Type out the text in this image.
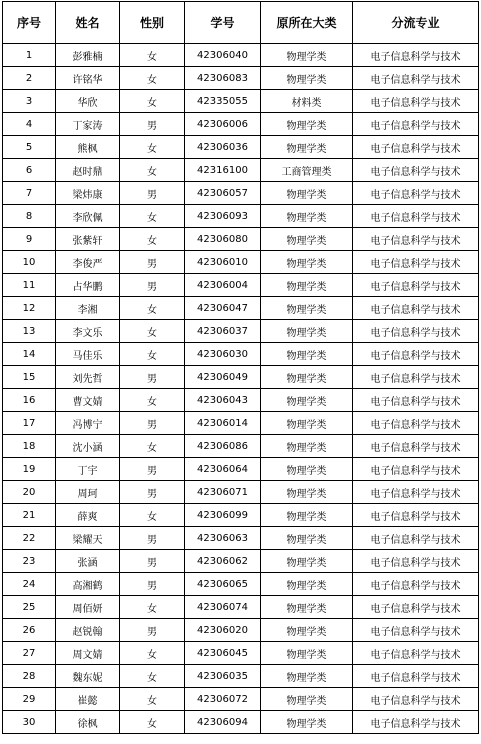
序号	姓名	性别	学号	原所在大类	分流专业
1	彭雅楠	女	42306040	物理学类	电子信息科学与技术
2	许铭华	女	42306083	物理学类	电子信息科学与技术
3	华欣	女	42335055	材料类	电子信息科学与技术
4	丁家涛	男	42306006	物理学类	电子信息科学与技术
5	熊枫	女	42306036	物理学类	电子信息科学与技术
6	赵时鼎	女	42316100	工商管理类	电子信息科学与技术
7	梁炜康	男	42306057	物理学类	电子信息科学与技术
8	李欣佩	女	42306093	物理学类	电子信息科学与技术
9	张紫轩	女	42306080	物理学类	电子信息科学与技术
10	李俊严	男	42306010	物理学类	电子信息科学与技术
11	占华鹏	男	42306004	物理学类	电子信息科学与技术
12	李湘	女	42306047	物理学类	电子信息科学与技术
13	李文乐	女	42306037	物理学类	电子信息科学与技术
14	马佳乐	女	42306030	物理学类	电子信息科学与技术
15	刘先哲	男	42306049	物理学类	电子信息科学与技术
16	曹文婧	女	42306043	物理学类	电子信息科学与技术
17	冯博宁	男	42306014	物理学类	电子信息科学与技术
18	沈小涵	女	42306086	物理学类	电子信息科学与技术
19	丁宇	男	42306064	物理学类	电子信息科学与技术
20	周珂	男	42306071	物理学类	电子信息科学与技术
21	薛爽	女	42306099	物理学类	电子信息科学与技术
22	梁耀天	男	42306063	物理学类	电子信息科学与技术
23	张涵	男	42306062	物理学类	电子信息科学与技术
24	高湘鹤	男	42306065	物理学类	电子信息科学与技术
25	周佰妍	女	42306074	物理学类	电子信息科学与技术
26	赵锐翰	男	42306020	物理学类	电子信息科学与技术
27	周文婧	女	42306045	物理学类	电子信息科学与技术
28	魏东妮	女	42306035	物理学类	电子信息科学与技术
29	崔懿	女	42306072	物理学类	电子信息科学与技术
30	徐枫	女	42306094	物理学类	电子信息科学与技术
